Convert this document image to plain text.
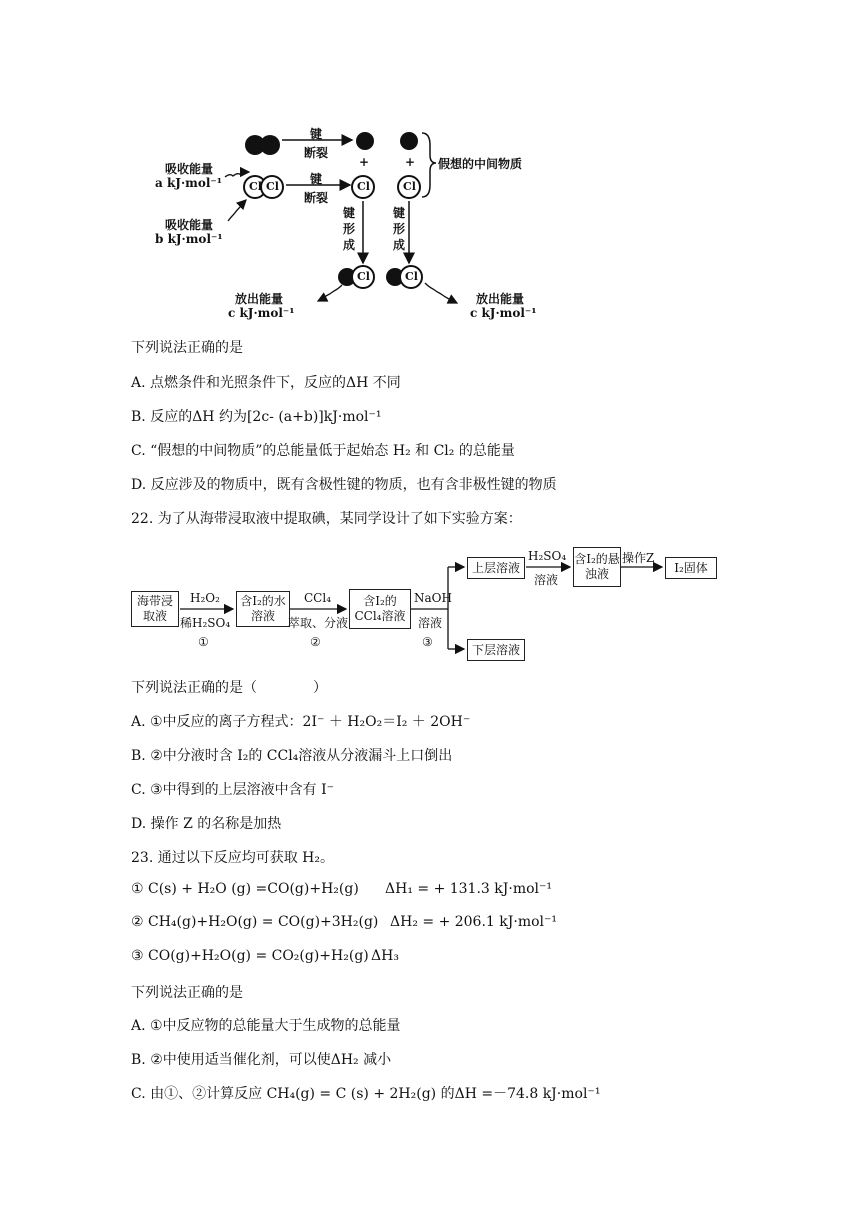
Cl Cl	Cl	Cl
Cl	Cl
吸收能量
a kJ·mol⁻¹
吸收能量
b kJ·mol⁻¹
键
断裂
键
断裂
+	+ 假想的中间物质
键形成
键形成
放出能量
c kJ·mol⁻¹
放出能量
c kJ·mol⁻¹
下列说法正确的是
A. 点燃条件和光照条件下，反应的ΔH 不同
B. 反应的ΔH 约为[2c- (a+b)]kJ·mol⁻¹
C. “假想的中间物质”的总能量低于起始态 H₂ 和 Cl₂ 的总能量
D. 反应涉及的物质中，既有含极性键的物质，也有含非极性键的物质
22. 为了从海带浸取液中提取碘，某同学设计了如下实验方案：
海带浸取液
含I₂的水溶液
含I₂的CCl₄溶液
上层溶液
下层溶液
含I₂的悬浊液	I₂固体
H₂O₂
稀H₂SO₄
①
CCl₄
萃取、分液
②
NaOH
溶液
③
H₂SO₄
溶液
操作Z
下列说法正确的是（　　　　）
A. ①中反应的离子方程式：2I⁻ ＋ H₂O₂＝I₂ ＋ 2OH⁻
B. ②中分液时含 I₂的 CCl₄溶液从分液漏斗上口倒出
C. ③中得到的上层溶液中含有 I⁻
D. 操作 Z 的名称是加热
23. 通过以下反应均可获取 H₂。
① C(s) + H₂O (g) =CO(g)+H₂(g) ΔH₁ = + 131.3 kJ·mol⁻¹
② CH₄(g)+H₂O(g) = CO(g)+3H₂(g) ΔH₂ = + 206.1 kJ·mol⁻¹
③ CO(g)+H₂O(g) = CO₂(g)+H₂(g) ΔH₃
下列说法正确的是
A. ①中反应物的总能量大于生成物的总能量
B. ②中使用适当催化剂，可以使ΔH₂ 减小
C. 由①、②计算反应 CH₄(g) = C (s) + 2H₂(g) 的ΔH =－74.8 kJ·mol⁻¹
